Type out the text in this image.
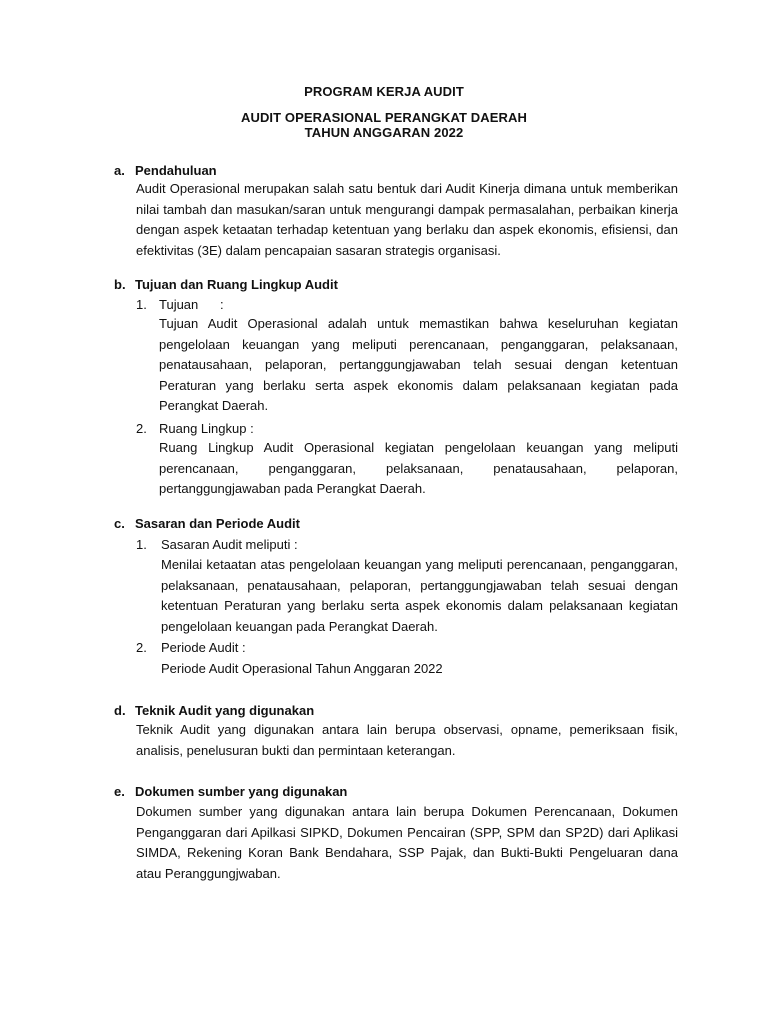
PROGRAM KERJA AUDIT
AUDIT OPERASIONAL PERANGKAT DAERAH
TAHUN ANGGARAN 2022
a. Pendahuluan
Audit Operasional merupakan salah satu bentuk dari Audit Kinerja dimana untuk memberikan nilai tambah dan masukan/saran untuk mengurangi dampak permasalahan, perbaikan kinerja dengan aspek ketaatan terhadap ketentuan yang berlaku dan aspek ekonomis, efisiensi, dan efektivitas (3E) dalam pencapaian sasaran strategis organisasi.
b. Tujuan dan Ruang Lingkup Audit
1. Tujuan      :
Tujuan Audit Operasional adalah untuk memastikan bahwa keseluruhan kegiatan pengelolaan keuangan yang meliputi perencanaan, penganggaran, pelaksanaan, penatausahaan, pelaporan, pertanggungjawaban telah sesuai dengan ketentuan Peraturan yang berlaku serta aspek ekonomis dalam pelaksanaan kegiatan pada Perangkat Daerah.
2. Ruang Lingkup :
Ruang Lingkup Audit Operasional kegiatan pengelolaan keuangan yang meliputi perencanaan, penganggaran, pelaksanaan, penatausahaan, pelaporan, pertanggungjawaban pada Perangkat Daerah.
c. Sasaran dan Periode Audit
1. Sasaran Audit meliputi :
Menilai ketaatan atas pengelolaan keuangan yang meliputi perencanaan, penganggaran, pelaksanaan, penatausahaan, pelaporan, pertanggungjawaban telah sesuai dengan ketentuan Peraturan yang berlaku serta aspek ekonomis dalam pelaksanaan kegiatan pengelolaan keuangan pada Perangkat Daerah.
2. Periode Audit :
Periode Audit Operasional Tahun Anggaran 2022
d. Teknik Audit yang digunakan
Teknik Audit yang digunakan antara lain berupa observasi, opname, pemeriksaan fisik, analisis, penelusuran bukti dan permintaan keterangan.
e. Dokumen sumber yang digunakan
Dokumen sumber yang digunakan antara lain berupa Dokumen Perencanaan, Dokumen Penganggaran dari Apilkasi SIPKD, Dokumen Pencairan (SPP, SPM dan SP2D) dari Aplikasi SIMDA, Rekening Koran Bank Bendahara, SSP Pajak, dan Bukti-Bukti Pengeluaran dana atau Peranggungjwaban.
